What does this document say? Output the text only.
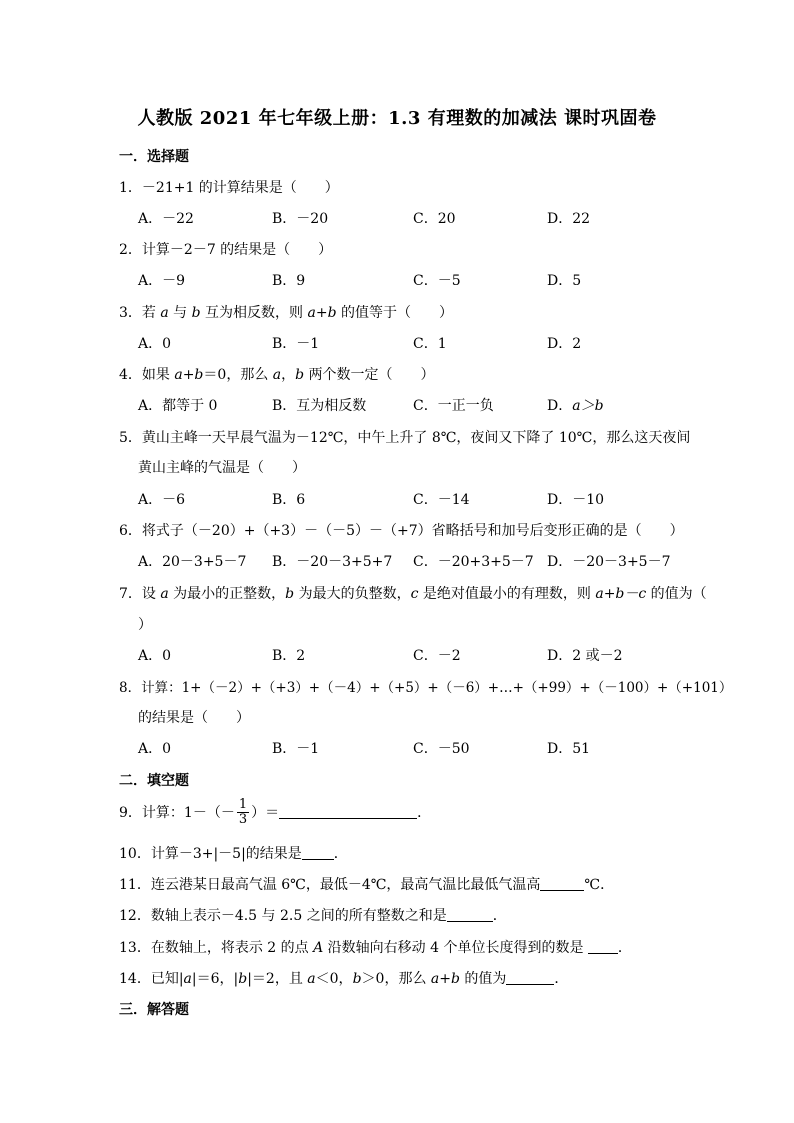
人教版 2021 年七年级上册：1.3 有理数的加减法 课时巩固卷
一．选择题
1．－21+1 的计算结果是（　　）
A．－22	B．－20	C．20	D．22
2．计算－2－7 的结果是（　　）
A．－9	B．9	C．－5	D．5
3．若 a 与 b 互为相反数，则 a+b 的值等于（　　）
A．0	B．－1	C．1	D．2
4．如果 a+b＝0，那么 a，b 两个数一定（　　）
A．都等于 0	B．互为相反数	C．一正一负	D．a＞b
5．黄山主峰一天早晨气温为－12℃，中午上升了 8℃，夜间又下降了 10℃，那么这天夜间
黄山主峰的气温是（　　）
A．－6	B．6	C．－14	D．－10
6．将式子（－20）+（+3）－（－5）－（+7）省略括号和加号后变形正确的是（　　）
A．20－3+5－7 B．－20－3+5+7 C．－20+3+5－7 D．－20－3+5－7
7．设 a 为最小的正整数，b 为最大的负整数，c 是绝对值最小的有理数，则 a+b－c 的值为（
）
A．0	B．2	C．－2	D．2 或－2
8．计算：1+（－2）+（+3）+（－4）+（+5）+（－6）+…+（+99）+（－100）+（+101）
的结果是（　　）
A．0	B．－1	C．－50	D．51
二．填空题
9．计算：$1-(- \frac{1}{3}$ ）＝	．
10．计算－3+|－5|的结果是 ．
11．连云港某日最高气温 6℃，最低－4℃，最高气温比最低气温高	℃．
12．数轴上表示－4.5 与 2.5 之间的所有整数之和是	．
13．在数轴上，将表示 2 的点 A 沿数轴向右移动 4 个单位长度得到的数是 ．
14．已知|a|＝6，|b|＝2，且 a＜0，b＞0，那么 a+b 的值为	．
三．解答题
